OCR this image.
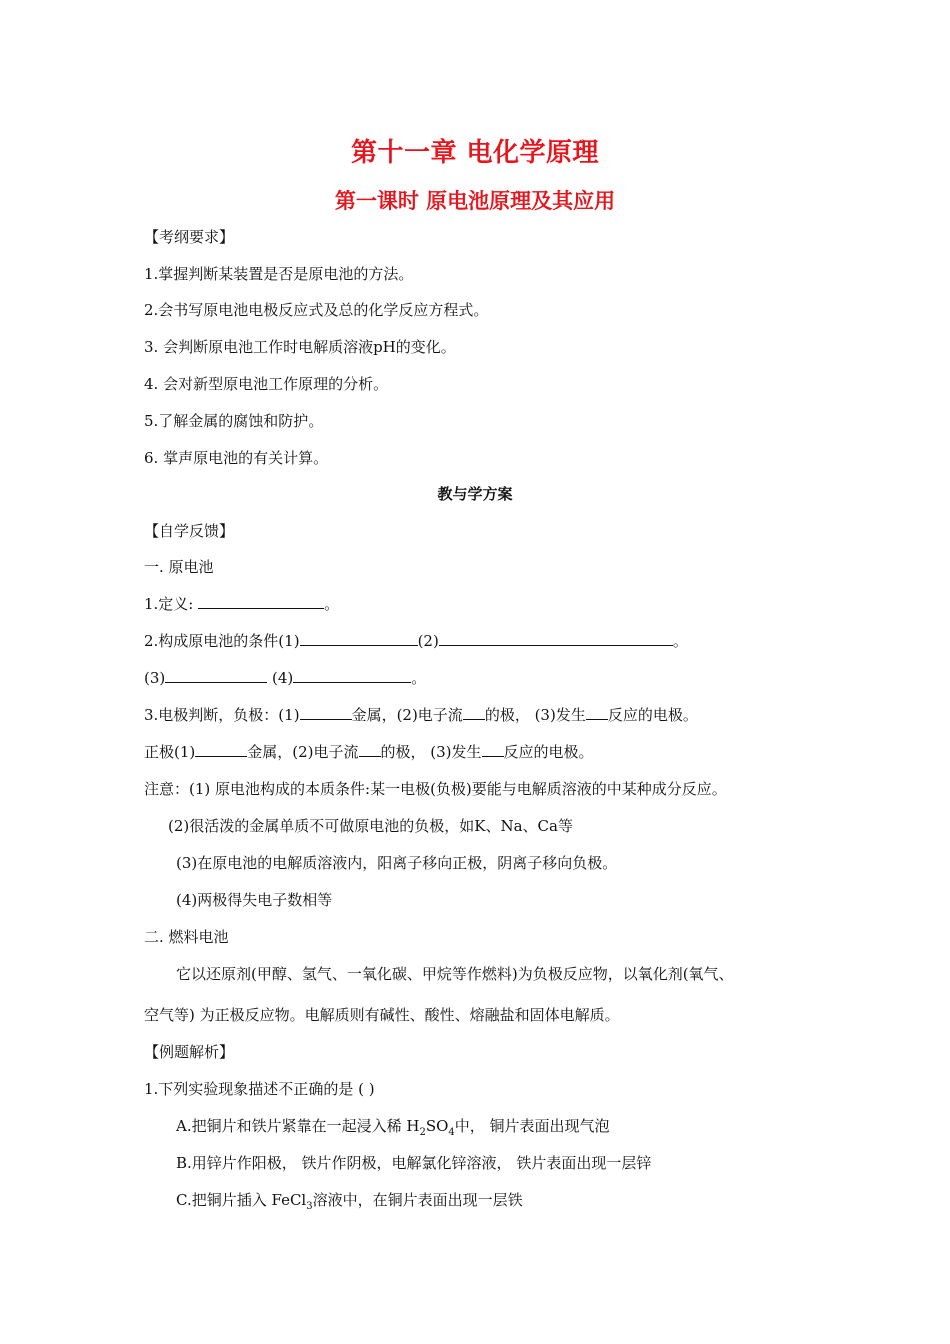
第十一章 电化学原理
第一课时 原电池原理及其应用
【考纲要求】
1.掌握判断某装置是否是原电池的方法。
2.会书写原电池电极反应式及总的化学反应方程式。
3. 会判断原电池工作时电解质溶液pH的变化。
4. 会对新型原电池工作原理的分析。
5.了解金属的腐蚀和防护。
6. 掌声原电池的有关计算。
教与学方案
【自学反馈】
一. 原电池
1.定义:	。
2.构成原电池的条件(1)	(2)	。
(3)	(4)	。
3.电极判断，负极：(1)	金属，(2)电子流 的极， (3)发生 反应的电极。
正极(1)	金属，(2)电子流 的极， (3)发生 反应的电极。
注意：(1) 原电池构成的本质条件:某一电极(负极)要能与电解质溶液的中某种成分反应。
(2)很活泼的金属单质不可做原电池的负极，如K、Na、Ca等
(3)在原电池的电解质溶液内，阳离子移向正极，阴离子移向负极。
(4)两极得失电子数相等
二. 燃料电池
它以还原剂(甲醇、氢气、一氧化碳、甲烷等作燃料)为负极反应物，以氧化剂(氧气、
空气等) 为正极反应物。电解质则有碱性、酸性、熔融盐和固体电解质。
【例题解析】
1.下列实验现象描述不正确的是 ( )
A.把铜片和铁片紧靠在一起浸入稀 $H_2SO_4$中， 铜片表面出现气泡
B.用锌片作阳极， 铁片作阴极，电解氯化锌溶液， 铁片表面出现一层锌
C.把铜片插入 FeCl$_3$溶液中，在铜片表面出现一层铁
